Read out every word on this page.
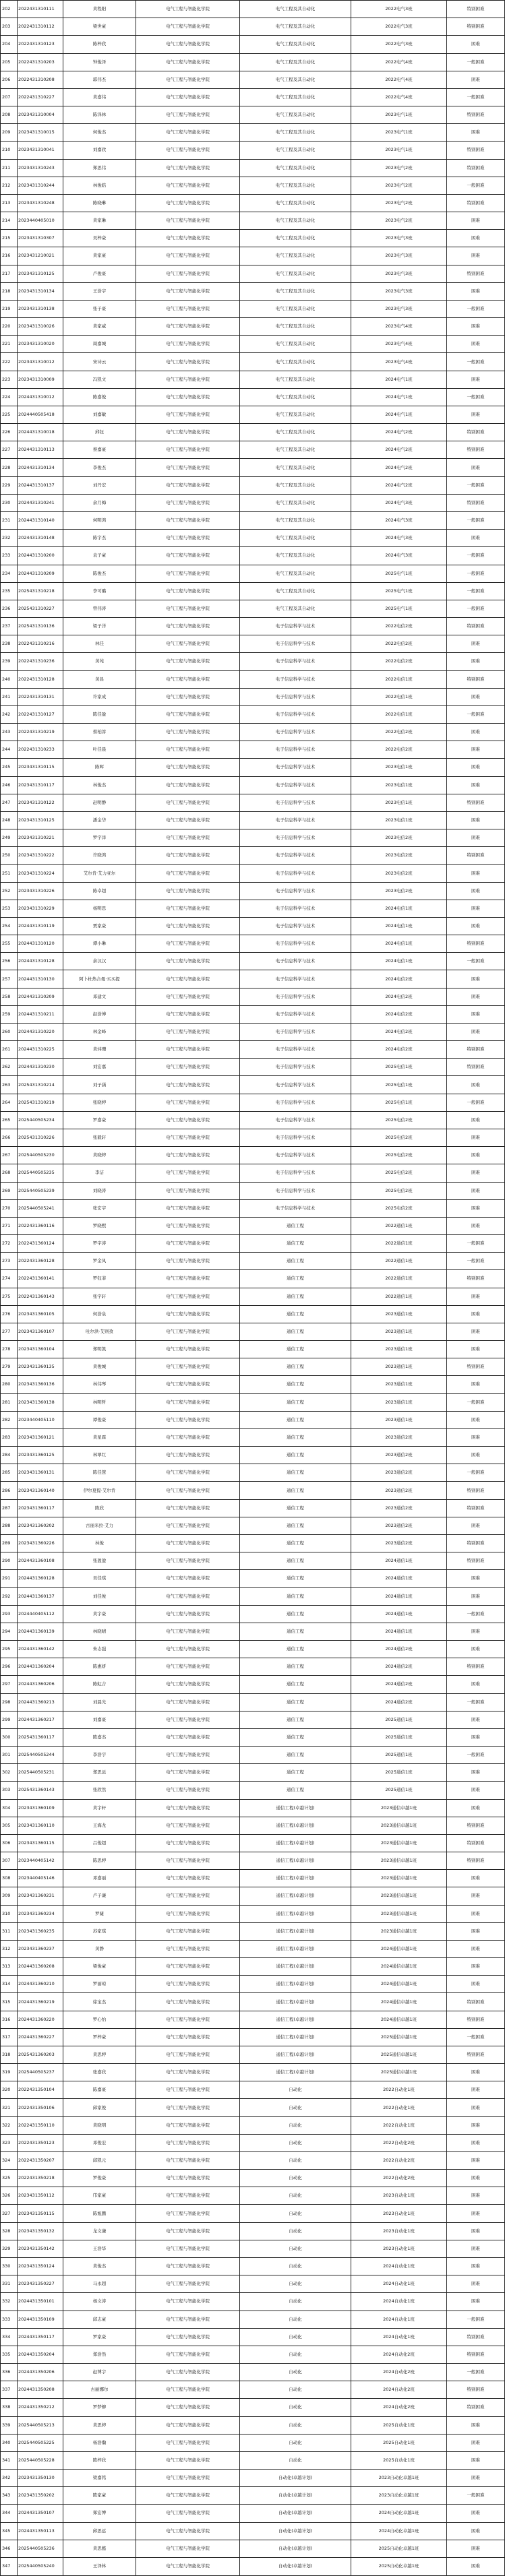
202	2022431310111	黄程阳	电气工程与智能化学院	电气工程及其自动化	2022电气3班	特别困难
203	2022431310112	梁世豪	电气工程与智能化学院	电气工程及其自动化	2022电气3班	特别困难
204	2022431310123	陈梓欣	电气工程与智能化学院	电气工程及其自动化	2022电气3班	困难
205	2022431310203	钟俊泽	电气工程与智能化学院	电气工程及其自动化	2022电气4班	一般困难
206	2022431310208	郭伟杰	电气工程与智能化学院	电气工程及其自动化	2022电气4班	困难
207	2022431310227	黄嘉伟	电气工程与智能化学院	电气工程及其自动化	2022电气4班	一般困难
208	2023431310004	陈泽林	电气工程与智能化学院	电气工程及其自动化	2023电气1班	特别困难
209	2023431310015	何俊杰	电气工程与智能化学院	电气工程及其自动化	2023电气1班	困难
210	2023431310041	刘嘉欣	电气工程与智能化学院	电气工程及其自动化	2023电气1班	特别困难
211	2023431310243	郑思伟	电气工程与智能化学院	电气工程及其自动化	2023电气2班	特别困难
212	2023431310244	林俊皓	电气工程与智能化学院	电气工程及其自动化	2023电气2班	一般困难
213	2023431310248	陈晓琳	电气工程与智能化学院	电气工程及其自动化	2023电气2班	特别困难
214	2023440405010	黄家琳	电气工程与智能化学院	电气工程及其自动化	2023电气2班	困难
215	2023431310307	吴梓豪	电气工程与智能化学院	电气工程及其自动化	2023电气3班	困难
216	2023431210021	黄家豪	电气工程与智能化学院	电气工程及其自动化	2023电气3班	困难
217	2023431310125	卢俊豪	电气工程与智能化学院	电气工程及其自动化	2023电气3班	特别困难
218	2023431310134	王浩宇	电气工程与智能化学院	电气工程及其自动化	2023电气3班	困难
219	2023431310138	张子豪	电气工程与智能化学院	电气工程及其自动化	2023电气3班	一般困难
220	2023431310026	黄家威	电气工程与智能化学院	电气工程及其自动化	2023电气4班	困难
221	2023431310020	周嘉城	电气工程与智能化学院	电气工程及其自动化	2023电气4班	困难
222	2023431310012	宋诗云	电气工程与智能化学院	电气工程及其自动化	2023电气4班	一般困难
223	2023431310009	冯凯文	电气工程与智能化学院	电气工程及其自动化	2024电气1班	困难
224	2024431310012	陈嘉俊	电气工程与智能化学院	电气工程及其自动化	2024电气1班	一般困难
225	2024440505418	刘嘉敏	电气工程与智能化学院	电气工程及其自动化	2024电气1班	困难
226	2024431310018	邱钰	电气工程与智能化学院	电气工程及其自动化	2024电气2班	特别困难
227	2024431310113	蔡嘉豪	电气工程与智能化学院	电气工程及其自动化	2024电气2班	特别困难
228	2024431310134	李俊杰	电气工程与智能化学院	电气工程及其自动化	2024电气2班	困难
229	2024431310137	刘丹宏	电气工程与智能化学院	电气工程及其自动化	2024电气2班	一般困难
230	2024431310241	余月梅	电气工程与智能化学院	电气工程及其自动化	2024电气3班	特别困难
231	2024431310140	何明鸿	电气工程与智能化学院	电气工程及其自动化	2024电气3班	一般困难
232	2024431310148	陈宇杰	电气工程与智能化学院	电气工程及其自动化	2024电气3班	困难
233	2024431310200	袁子豪	电气工程与智能化学院	电气工程及其自动化	2024电气3班	一般困难
234	2024431310209	陈俊杰	电气工程与智能化学院	电气工程及其自动化	2025电气1班	一般困难
235	2025431310218	李可璐	电气工程与智能化学院	电气工程及其自动化	2025电气1班	一般困难
236	2025431310227	曾伟涛	电气工程与智能化学院	电气工程及其自动化	2025电气1班	一般困难
237	2025431310136	梁子洋	电气工程与智能化学院	电子信息科学与技术	2022电信2班	特别困难
238	2022431310216	林佳	电气工程与智能化学院	电子信息科学与技术	2022电信2班	困难
239	2022431310236	黄苑	电气工程与智能化学院	电子信息科学与技术	2022电信2班	困难
240	2022431310128	黄昌	电气工程与智能化学院	电子信息科学与技术	2022电信1班	特别困难
241	2022431310131	许家成	电气工程与智能化学院	电子信息科学与技术	2022电信1班	困难
242	2022431310127	陈佳盈	电气工程与智能化学院	电子信息科学与技术	2022电信1班	一般困难
243	2022431310219	蔡柏淳	电气工程与智能化学院	电子信息科学与技术	2022电信2班	困难
244	2022431310233	叶佳晨	电气工程与智能化学院	电子信息科学与技术	2022电信2班	困难
245	2023431310115	陈晖	电气工程与智能化学院	电子信息科学与技术	2023电信1班	困难
246	2023431310117	林俊杰	电气工程与智能化学院	电子信息科学与技术	2023电信1班	困难
247	2023431310122	赵明静	电气工程与智能化学院	电子信息科学与技术	2023电信1班	特别困难
248	2023431310125	潘金华	电气工程与智能化学院	电子信息科学与技术	2023电信1班	困难
249	2023431310221	罗宇洋	电气工程与智能化学院	电子信息科学与技术	2023电信2班	困难
250	2023431310222	许晓鸿	电气工程与智能化学院	电子信息科学与技术	2023电信2班	特别困难
251	2023431310224	艾尔肯·艾力亚尔	电气工程与智能化学院	电子信息科学与技术	2023电信2班	困难
252	2023431310226	陈卓超	电气工程与智能化学院	电子信息科学与技术	2023电信2班	困难
253	2023431310229	杨明思	电气工程与智能化学院	电子信息科学与技术	2024电信1班	困难
254	2024431310119	贾家豪	电气工程与智能化学院	电子信息科学与技术	2024电信1班	困难
255	2024431310120	谭小琳	电气工程与智能化学院	电子信息科学与技术	2024电信1班	特别困难
256	2024431310128	余汉汉	电气工程与智能化学院	电子信息科学与技术	2024电信1班	一般困难
257	2024431310130	阿卜杜热合曼·买买提	电气工程与智能化学院	电子信息科学与技术	2024电信2班	困难
258	2024431310209	邓建文	电气工程与智能化学院	电子信息科学与技术	2024电信2班	困难
259	2024431310211	赵浩博	电气工程与智能化学院	电子信息科学与技术	2024电信2班	困难
260	2024431310220	林金峰	电气工程与智能化学院	电子信息科学与技术	2024电信2班	困难
261	2024431310225	黄炜珊	电气工程与智能化学院	电子信息科学与技术	2024电信2班	特别困难
262	2024431310230	刘宏嘉	电气工程与智能化学院	电子信息科学与技术	2025电信1班	特别困难
263	2025431310214	刘子涵	电气工程与智能化学院	电子信息科学与技术	2025电信1班	困难
264	2025431310219	张晓婷	电气工程与智能化学院	电子信息科学与技术	2025电信1班	一般困难
265	2025440505234	罗嘉豪	电气工程与智能化学院	电子信息科学与技术	2025电信2班	困难
266	2025431310226	张毅轩	电气工程与智能化学院	电子信息科学与技术	2025电信2班	困难
267	2025440505230	黄晓婷	电气工程与智能化学院	电子信息科学与技术	2025电信2班	困难
268	2025440505235	李洁	电气工程与智能化学院	电子信息科学与技术	2025电信2班	困难
269	2025440505239	刘晓涛	电气工程与智能化学院	电子信息科学与技术	2025电信2班	困难
270	2025440505241	张宏宇	电气工程与智能化学院	电子信息科学与技术	2025电信2班	困难
271	2022431360116	罗晓熙	电气工程与智能化学院	通信工程	2022通信1班	困难
272	2022431360124	罗宇涛	电气工程与智能化学院	通信工程	2022通信1班	一般困难
273	2022431360128	罗金凤	电气工程与智能化学院	通信工程	2022通信1班	一般困难
274	2022431360141	罗钰菲	电气工程与智能化学院	通信工程	2022通信1班	特别困难
275	2022431360143	张宇轩	电气工程与智能化学院	通信工程	2022通信1班	困难
276	2023431360105	何浩泉	电气工程与智能化学院	通信工程	2023通信1班	困难
277	2023431360107	吐尔洪·艾则孜	电气工程与智能化学院	通信工程	2023通信1班	困难
278	2023431360104	郑明凯	电气工程与智能化学院	通信工程	2023通信1班	困难
279	2023431360135	黄俊城	电气工程与智能化学院	通信工程	2023通信1班	特别困难
280	2023431360136	林伟琴	电气工程与智能化学院	通信工程	2023通信1班	困难
281	2023431360138	林明哲	电气工程与智能化学院	通信工程	2023通信1班	一般困难
282	2023440405110	谭俊豪	电气工程与智能化学院	通信工程	2023通信1班	困难
283	2023431360121	黄星霖	电气工程与智能化学院	通信工程	2023通信2班	困难
284	2023431360125	林翠红	电气工程与智能化学院	通信工程	2023通信2班	困难
285	2023431360131	陈佳慧	电气工程与智能化学院	通信工程	2023通信2班	一般困难
286	2023431360140	伊尔夏提·艾尔肯	电气工程与智能化学院	通信工程	2023通信2班	特别困难
287	2023431360117	陈欣	电气工程与智能化学院	通信工程	2023通信2班	特别困难
288	2023431360202	古丽米拉·艾力	电气工程与智能化学院	通信工程	2023通信2班	困难
289	2023431360226	林俊	电气工程与智能化学院	通信工程	2023通信2班	特别困难
290	2024431360108	张盈盈	电气工程与智能化学院	通信工程	2024通信1班	特别困难
291	2024431360128	吴佳琪	电气工程与智能化学院	通信工程	2024通信1班	困难
292	2024431360137	刘佳俊	电气工程与智能化学院	通信工程	2024通信1班	困难
293	2024440405112	黄宇豪	电气工程与智能化学院	通信工程	2024通信1班	一般困难
294	2024431360139	林晓晴	电气工程与智能化学院	通信工程	2024通信1班	困难
295	2024431360142	朱志强	电气工程与智能化学院	通信工程	2024通信2班	困难
296	2024431360204	陈惠妍	电气工程与智能化学院	通信工程	2024通信2班	特别困难
297	2024431360206	陈虹吉	电气工程与智能化学院	通信工程	2024通信2班	困难
298	2024431360213	刘晨光	电气工程与智能化学院	通信工程	2024通信2班	一般困难
299	2024431360217	刘嘉豪	电气工程与智能化学院	通信工程	2025通信1班	困难
300	2025431360117	陈嘉杰	电气工程与智能化学院	通信工程	2025通信1班	困难
301	2025440505244	李浩宇	电气工程与智能化学院	通信工程	2025通信1班	一般困难
302	2025440505231	郑思远	电气工程与智能化学院	通信工程	2025通信1班	困难
303	2025431360143	张欣然	电气工程与智能化学院	通信工程	2025通信1班	困难
304	2023431360109	黄宇轩	电气工程与智能化学院	通信工程(卓越计划)	2023通信卓越1班	困难
305	2023431360110	王海龙	电气工程与智能化学院	通信工程(卓越计划)	2023通信卓越1班	特别困难
306	2023431360115	吕俊超	电气工程与智能化学院	通信工程(卓越计划)	2023通信卓越1班	特别困难
307	2023440405142	陈思婷	电气工程与智能化学院	通信工程(卓越计划)	2023通信卓越1班	特别困难
308	2023440405146	邓嘉丽	电气工程与智能化学院	通信工程(卓越计划)	2023通信卓越1班	困难
309	2023431360231	卢子谦	电气工程与智能化学院	通信工程(卓越计划)	2023通信卓越1班	困难
310	2023431360234	罗婕	电气工程与智能化学院	通信工程(卓越计划)	2023通信卓越1班	困难
311	2023431360235	苏家琪	电气工程与智能化学院	通信工程(卓越计划)	2023通信卓越1班	困难
312	2023431360237	黄静	电气工程与智能化学院	通信工程(卓越计划)	2024通信卓越1班	困难
313	2024431360208	梁俊豪	电气工程与智能化学院	通信工程(卓越计划)	2024通信卓越1班	困难
314	2024431360210	罗丽琼	电气工程与智能化学院	通信工程(卓越计划)	2024通信卓越1班	困难
315	2024431360219	徐宝杰	电气工程与智能化学院	通信工程(卓越计划)	2024通信卓越1班	特别困难
316	2024431360220	罗心怡	电气工程与智能化学院	通信工程(卓越计划)	2024通信卓越1班	特别困难
317	2024431360227	罗梓豪	电气工程与智能化学院	通信工程(卓越计划)	2025通信卓越1班	一般困难
318	2025431360203	黄思婷	电气工程与智能化学院	通信工程(卓越计划)	2025通信卓越1班	特别困难
319	2025440505237	张嘉欣	电气工程与智能化学院	通信工程(卓越计划)	2025通信卓越1班	困难
320	2022431350104	陈嘉豪	电气工程与智能化学院	自动化	2022自动化1班	困难
321	2022431350106	邱家俊	电气工程与智能化学院	自动化	2022自动化1班	困难
322	2022431350110	黄晓明	电气工程与智能化学院	自动化	2022自动化1班	困难
323	2022431350123	邓俊宏	电气工程与智能化学院	自动化	2022自动化2班	困难
324	2022431350207	邱凯元	电气工程与智能化学院	自动化	2022自动化2班	困难
325	2022431350218	罗俊豪	电气工程与智能化学院	自动化	2022自动化2班	困难
326	2023431350112	邝家豪	电气工程与智能化学院	自动化	2023自动化1班	困难
327	2023431350115	陈旭鹏	电气工程与智能化学院	自动化	2023自动化1班	困难
328	2023431350132	龙文谦	电气工程与智能化学院	自动化	2023自动化1班	困难
329	2023431350142	王浩华	电气工程与智能化学院	自动化	2023自动化1班	困难
330	2023431350124	黄俊杰	电气工程与智能化学院	自动化	2024自动化1班	困难
331	2023431350227	马永超	电气工程与智能化学院	自动化	2024自动化1班	困难
332	2024431350101	杨文涛	电气工程与智能化学院	自动化	2024自动化1班	困难
333	2024431350109	邱志豪	电气工程与智能化学院	自动化	2024自动化1班	一般困难
334	2024431350117	罗家豪	电气工程与智能化学院	自动化	2024自动化1班	特别困难
335	2024431350204	郑浩然	电气工程与智能化学院	自动化	2024自动化2班	特别困难
336	2024431350206	赵博宇	电气工程与智能化学院	自动化	2024自动化2班	一般困难
337	2024431350208	古丽娜尔	电气工程与智能化学院	自动化	2024自动化2班	特别困难
338	2024431350212	罗梦柳	电气工程与智能化学院	自动化	2024自动化2班	特别困难
339	2025440505213	黄思婷	电气工程与智能化学院	自动化	2025自动化1班	困难
340	2025440505225	杨浩瀚	电气工程与智能化学院	自动化	2025自动化1班	困难
341	2025440505228	陈梓欣	电气工程与智能化学院	自动化	2025自动化1班	困难
342	2023431350130	梁嘉铭	电气工程与智能化学院	自动化(卓越计划)	2023自动化卓越1班	困难
343	2023431350202	陈家豪	电气工程与智能化学院	自动化(卓越计划)	2023自动化卓越1班	一般困难
344	2024431350107	郑宏博	电气工程与智能化学院	自动化(卓越计划)	2024自动化卓越1班	困难
345	2024431350113	邱思远	电气工程与智能化学院	自动化(卓越计划)	2024自动化卓越1班	困难
346	2025440505236	黄思懿	电气工程与智能化学院	自动化(卓越计划)	2025自动化卓越1班	困难
347	2025440505240	王泽林	电气工程与智能化学院	自动化(卓越计划)	2025自动化卓越1班	困难
